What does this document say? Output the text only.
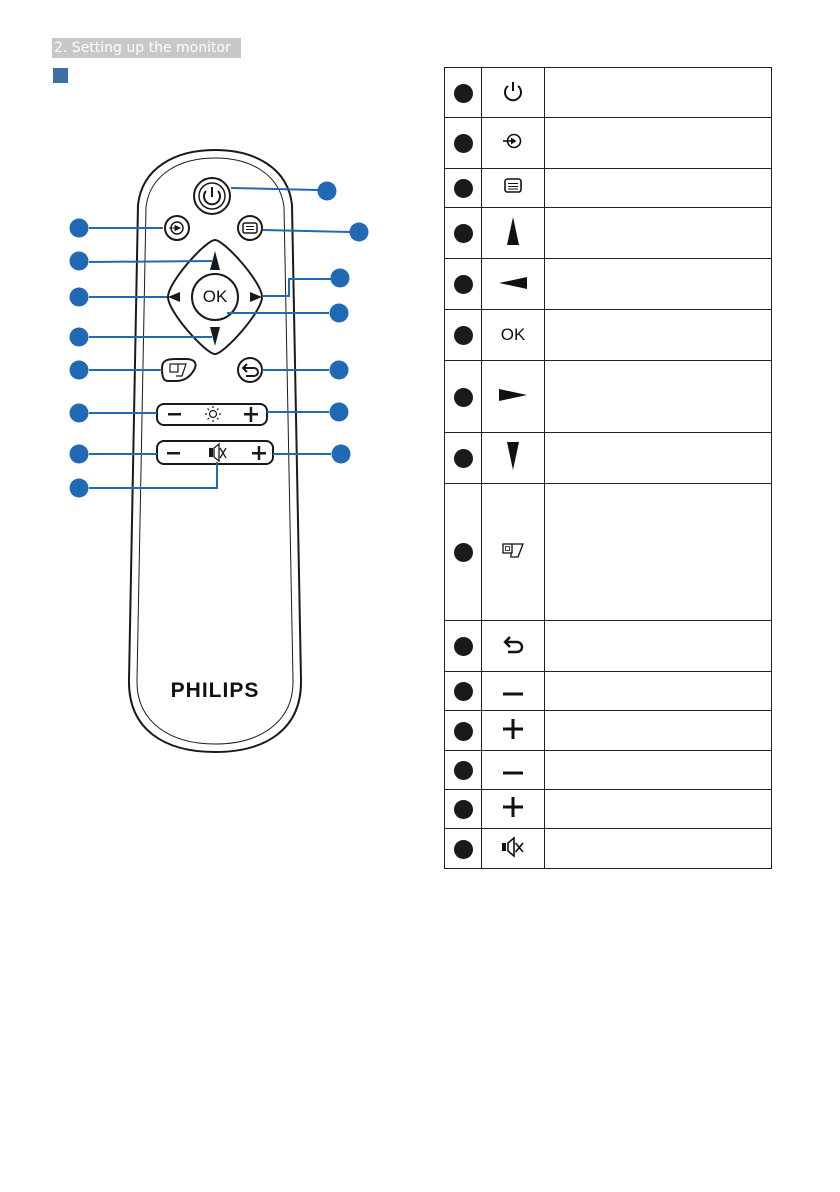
2. Setting up the monitor
OK
PHILIPS

	OK	
